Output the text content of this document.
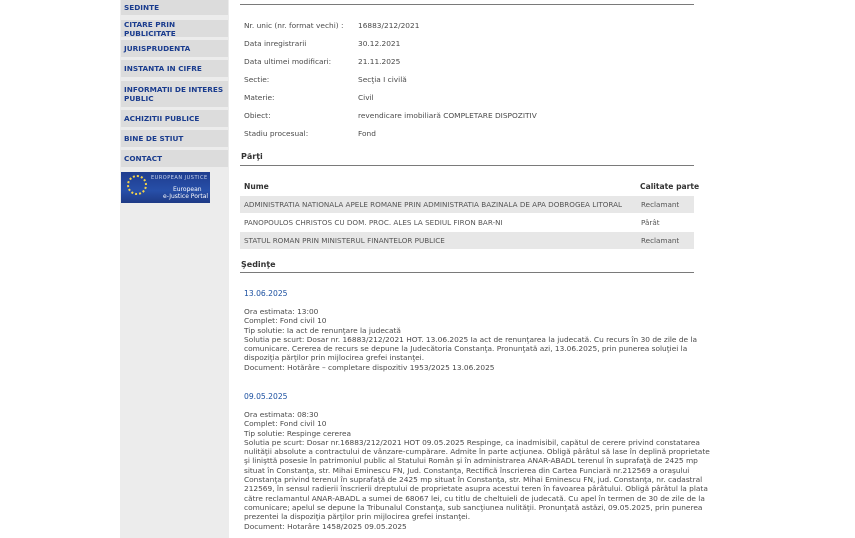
SEDINTE
CITARE PRIN PUBLICITATE
JURISPRUDENTA
INSTANTA IN CIFRE
INFORMATII DE INTERES PUBLIC
ACHIZITII PUBLICE
BINE DE STIUT
CONTACT
EUROPEAN JUSTICE
European
e-Justice Portal
Nr. unic (nr. format vechi) : 16883/212/2021
Data inregistrarii	30.12.2021
Data ultimei modificari:	21.11.2025
Sectie:	Secţia I civilă
Materie:	Civil
Obiect:	revendicare imobiliară COMPLETARE DISPOZITIV
Stadiu procesual:	Fond
Părţi
Nume	Calitate parte
ADMINISTRATIA NATIONALA APELE ROMANE PRIN ADMINISTRATIA BAZINALA DE APA DOBROGEA LITORAL	Reclamant
PANOPOULOS CHRISTOS CU DOM. PROC. ALES LA SEDIUL FIRON BAR-NI	Pârât
STATUL ROMAN PRIN MINISTERUL FINANTELOR PUBLICE	Reclamant
Şedinţe
13.06.2025
Ora estimata: 13:00
Complet: Fond civil 10
Tip solutie: Ia act de renunţare la judecată
Solutia pe scurt: Dosar nr. 16883/212/2021 HOT. 13.06.2025 Ia act de renunţarea la judecată. Cu recurs în 30 de zile de la
comunicare. Cererea de recurs se depune la Judecătoria Constanţa. Pronunţată azi, 13.06.2025, prin punerea soluţiei la
dispoziţia părţilor prin mijlocirea grefei instanţei.
Document: Hotărâre – completare dispozitiv 1953/2025 13.06.2025
09.05.2025
Ora estimata: 08:30
Complet: Fond civil 10
Tip solutie: Respinge cererea
Solutia pe scurt: Dosar nr.16883/212/2021 HOT 09.05.2025 Respinge, ca inadmisibil, capătul de cerere privind constatarea
nulităţii absolute a contractului de vânzare-cumpărare. Admite în parte acţiunea. Obligă pârâtul să lase în deplină proprietate
şi linişttă posesie în patrimoniul public al Statului Român şi în administrarea ANAR-ABADL terenul în suprafaţă de 2425 mp
situat în Constanţa, str. Mihai Eminescu FN, Jud. Constanţa, Rectifică înscrierea din Cartea Funciară nr.212569 a oraşului
Constanţa privind terenul în suprafaţă de 2425 mp situat în Constanţa, str. Mihai Eminescu FN, jud. Constanţa, nr. cadastral
212569, în sensul radierii înscrierii dreptului de proprietate asupra acestui teren în favoarea pârâtului. Obligă pârâtul la plata
către reclamantul ANAR-ABADL a sumei de 68067 lei, cu titlu de cheltuieli de judecată. Cu apel în termen de 30 de zile de la
comunicare; apelul se depune la Tribunalul Constanţa, sub sancţiunea nulităţii. Pronunţată astăzi, 09.05.2025, prin punerea
prezentei la dispoziţia părţilor prin mijlocirea grefei instanţei.
Document: Hotarâre 1458/2025 09.05.2025
